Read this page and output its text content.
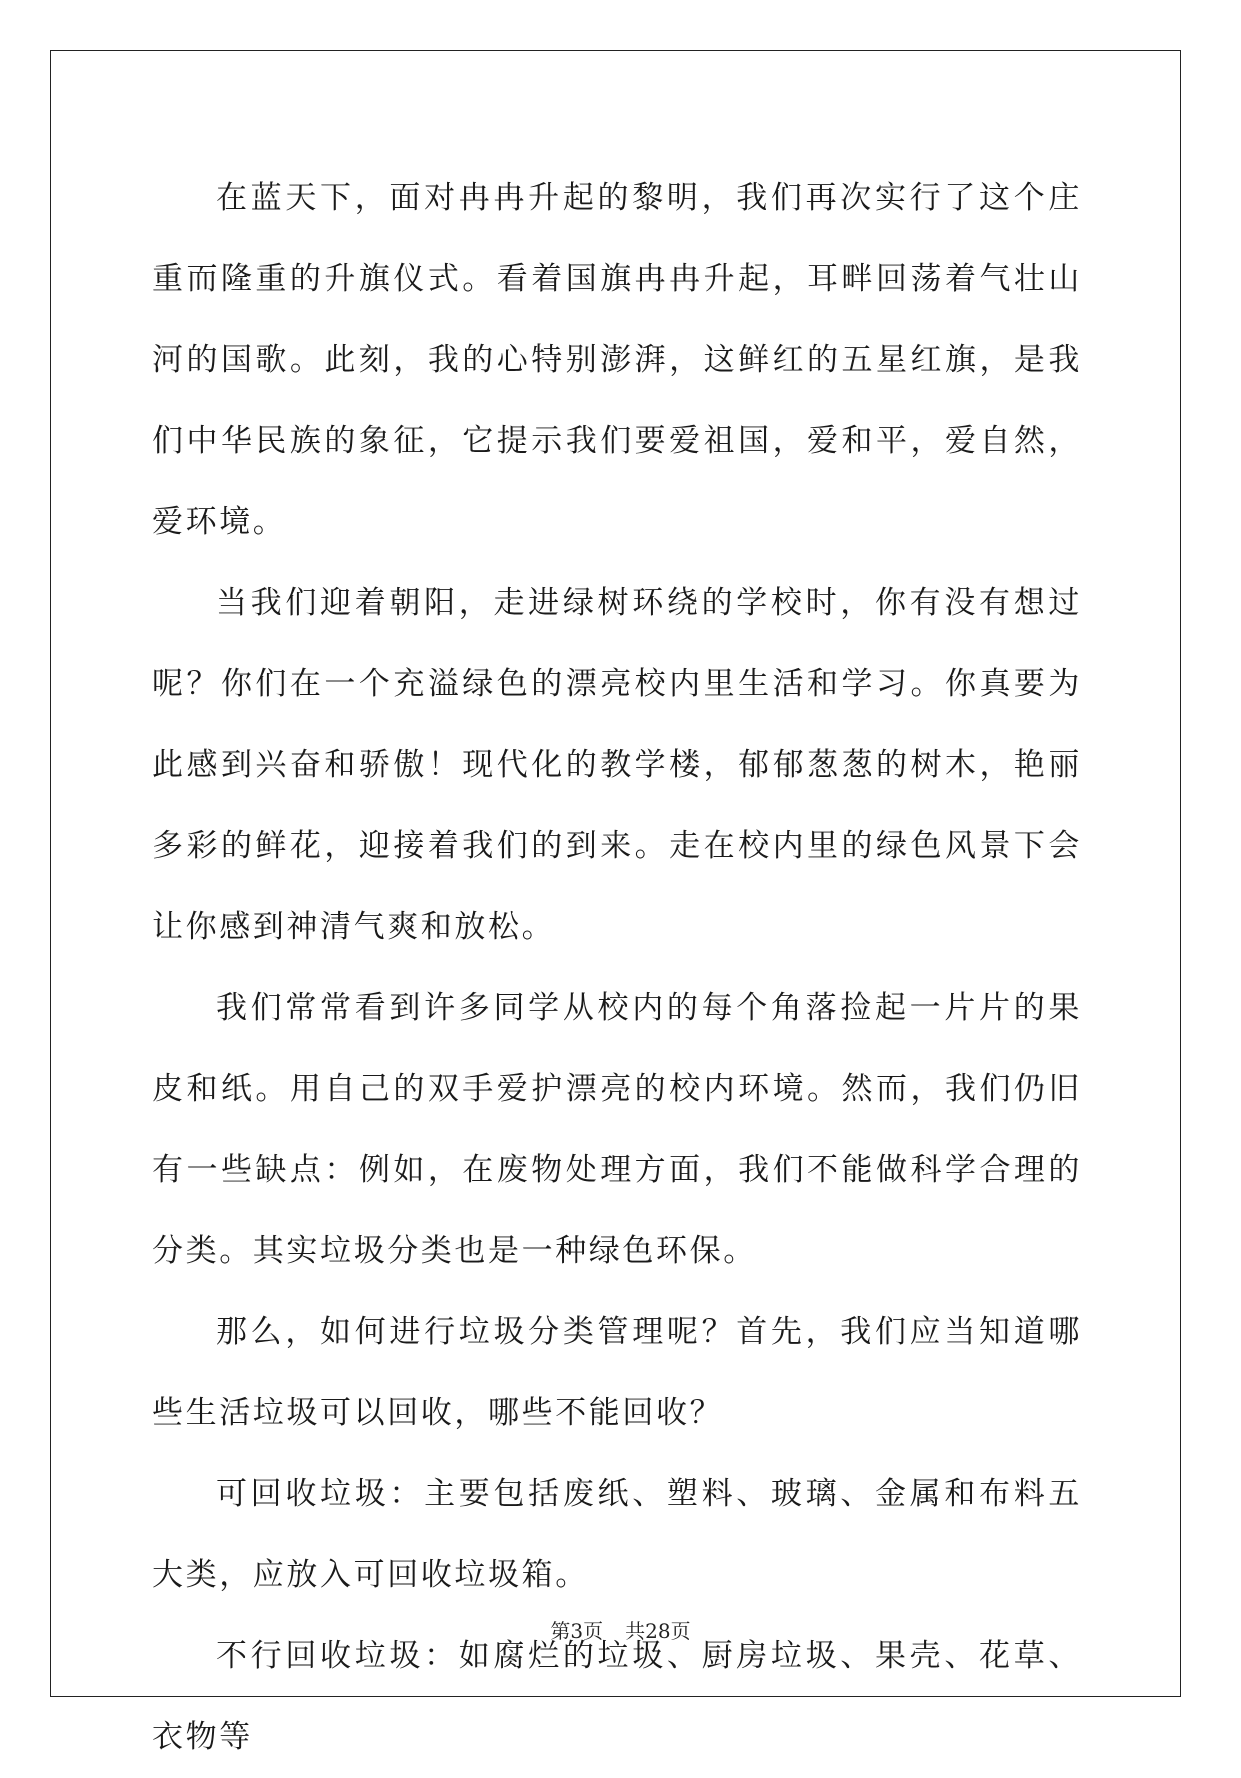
在蓝天下，面对冉冉升起的黎明，我们再次实行了这个庄重而隆重的升旗仪式。看着国旗冉冉升起，耳畔回荡着气壮山河的国歌。此刻，我的心特别澎湃，这鲜红的五星红旗，是我们中华民族的象征，它提示我们要爱祖国，爱和平，爱自然，爱环境。

当我们迎着朝阳，走进绿树环绕的学校时，你有没有想过呢？你们在一个充溢绿色的漂亮校内里生活和学习。你真要为此感到兴奋和骄傲！现代化的教学楼，郁郁葱葱的树木，艳丽多彩的鲜花，迎接着我们的到来。走在校内里的绿色风景下会让你感到神清气爽和放松。

我们常常看到许多同学从校内的每个角落捡起一片片的果皮和纸。用自己的双手爱护漂亮的校内环境。然而，我们仍旧有一些缺点：例如，在废物处理方面，我们不能做科学合理的分类。其实垃圾分类也是一种绿色环保。

那么，如何进行垃圾分类管理呢？首先，我们应当知道哪些生活垃圾可以回收，哪些不能回收？

可回收垃圾：主要包括废纸、塑料、玻璃、金属和布料五大类，应放入可回收垃圾箱。

不行回收垃圾：如腐烂的垃圾、厨房垃圾、果壳、花草、衣物等

第3页 共28页
